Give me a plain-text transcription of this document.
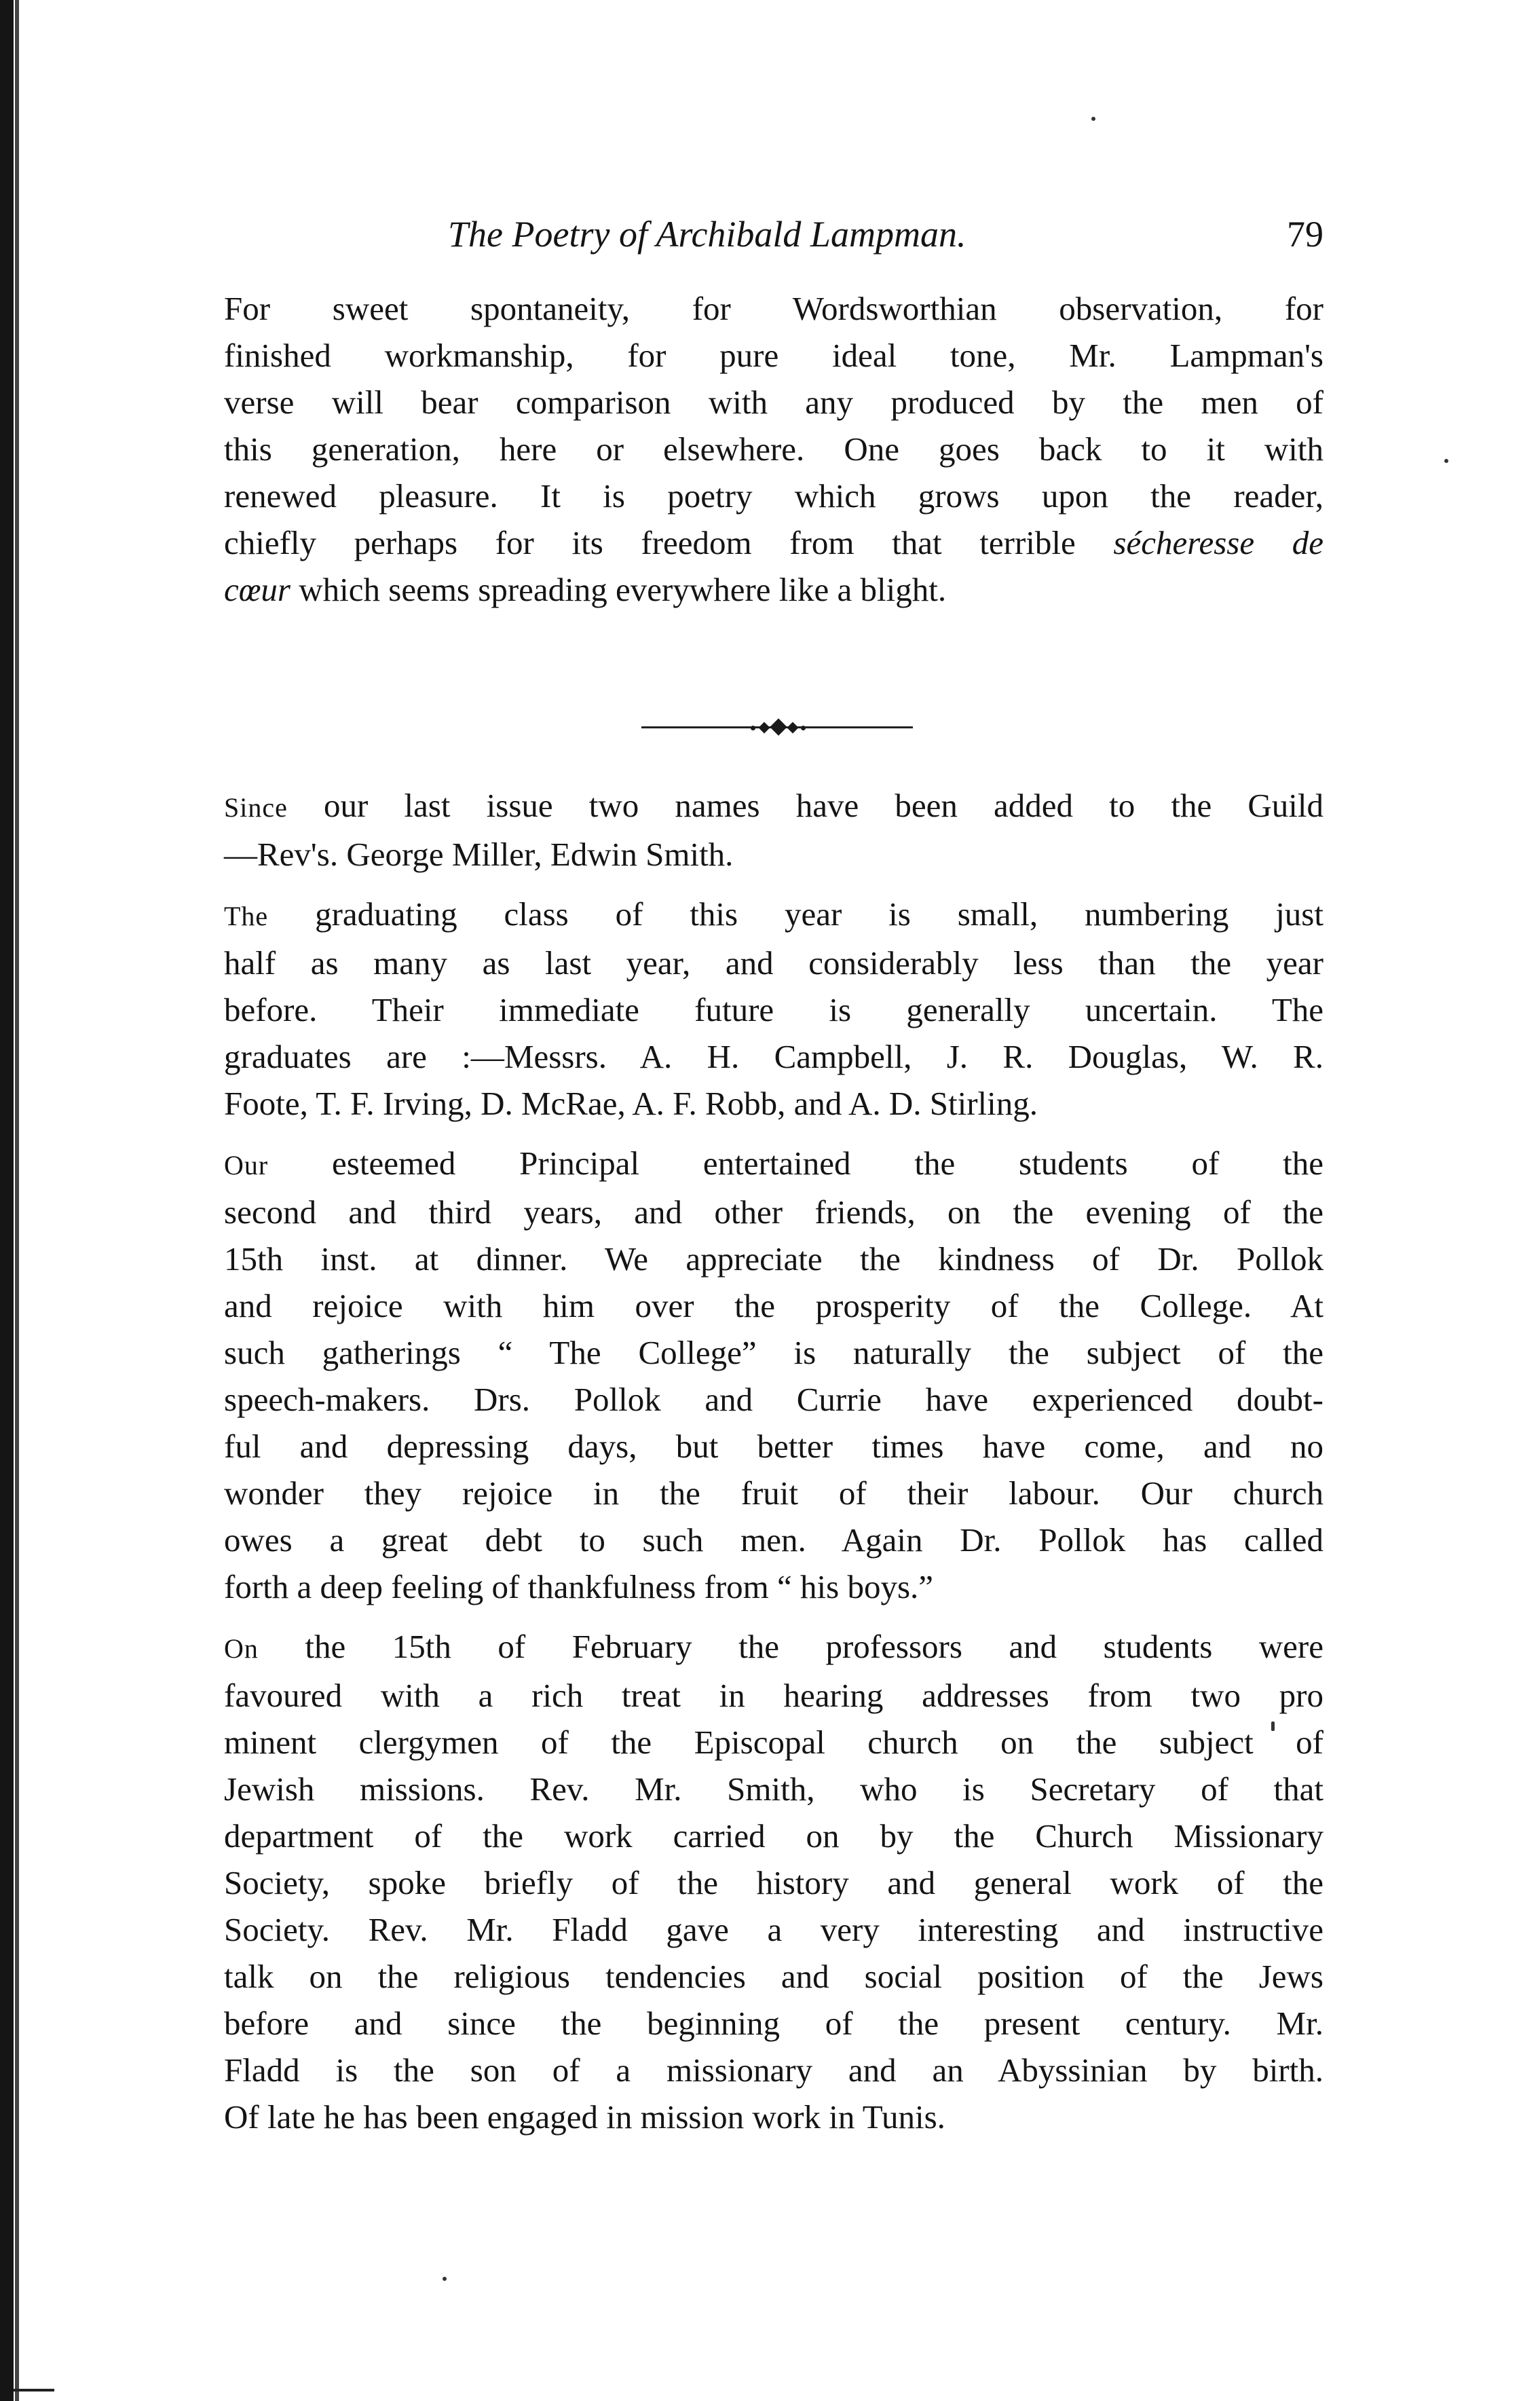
The Poetry of Archibald Lampman.	79

For sweet spontaneity, for Wordsworthian observation, for
finished workmanship, for pure ideal tone, Mr. Lampman's
verse will bear comparison with any produced by the men of
this generation, here or elsewhere. One goes back to it with
renewed pleasure. It is poetry which grows upon the reader,
chiefly perhaps for its freedom from that terrible sécheresse de
cœur which seems spreading everywhere like a blight.

Since our last issue two names have been added to the Guild
—Rev's. George Miller, Edwin Smith.

The graduating class of this year is small, numbering just
half as many as last year, and considerably less than the year
before. Their immediate future is generally uncertain. The
graduates are :—Messrs. A. H. Campbell, J. R. Douglas, W. R.
Foote, T. F. Irving, D. McRae, A. F. Robb, and A. D. Stirling.

Our esteemed Principal entertained the students of the
second and third years, and other friends, on the evening of the
15th inst. at dinner. We appreciate the kindness of Dr. Pollok
and rejoice with him over the prosperity of the College. At
such gatherings “ The College” is naturally the subject of the
speech-makers. Drs. Pollok and Currie have experienced doubt-
ful and depressing days, but better times have come, and no
wonder they rejoice in the fruit of their labour. Our church
owes a great debt to such men. Again Dr. Pollok has called
forth a deep feeling of thankfulness from “ his boys.”

On the 15th of February the professors and students were
favoured with a rich treat in hearing addresses from two pro
minent clergymen of the Episcopal church on the subject of
Jewish missions. Rev. Mr. Smith, who is Secretary of that
department of the work carried on by the Church Missionary
Society, spoke briefly of the history and general work of the
Society. Rev. Mr. Fladd gave a very interesting and instructive
talk on the religious tendencies and social position of the Jews
before and since the beginning of the present century. Mr.
Fladd is the son of a missionary and an Abyssinian by birth.
Of late he has been engaged in mission work in Tunis.
